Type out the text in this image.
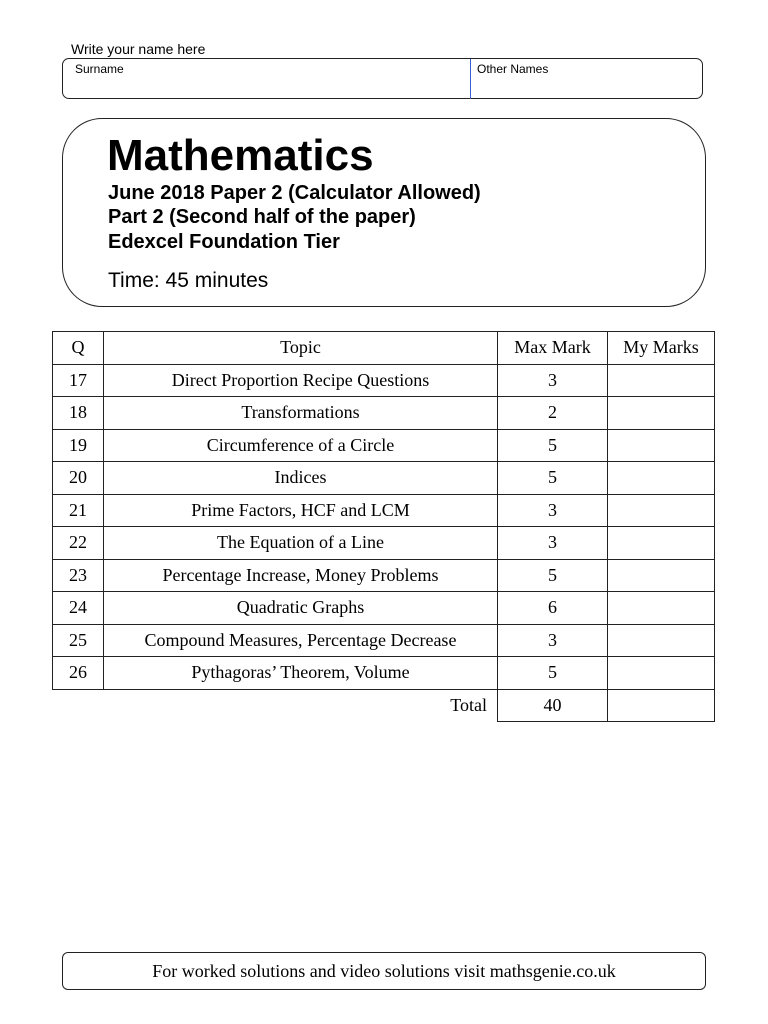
Write your name here
Surname	Other Names
Mathematics
June 2018 Paper 2 (Calculator Allowed)
Part 2 (Second half of the paper)
Edexcel Foundation Tier
Time: 45 minutes
Q	Topic	Max Mark	My Marks
17	Direct Proportion Recipe Questions	3	
18	Transformations	2	
19	Circumference of a Circle	5	
20	Indices	5	
21	Prime Factors, HCF and LCM	3	
22	The Equation of a Line	3	
23	Percentage Increase, Money Problems	5	
24	Quadratic Graphs	6	
25	Compound Measures, Percentage Decrease	3	
26	Pythagoras’ Theorem, Volume	5	
Total		40	
For worked solutions and video solutions visit mathsgenie.co.uk
